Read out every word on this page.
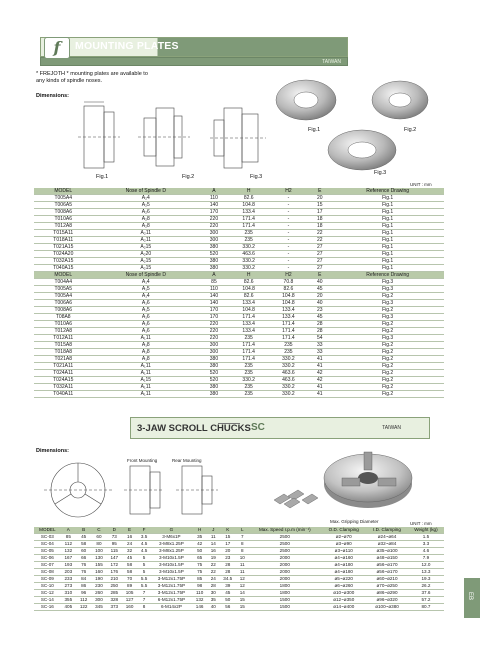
MOUNTING PLATES
TAIWAN
f
* FREJOTH * mounting plates are available to
any kinds of spindle noses.
Dimensions:
Fig.1	Fig.2	Fig.3
Fig.1	Fig.2
Fig.3
UNIT : mm
MODEL	Nose of Spindle D	A	H	H2	E	Reference Drawing
T005A4	A₂4	110	82.6	-	20	Fig.1
T006A5	A₂5	140	104.8	-	15	Fig.1
T008A6	A₂6	170	133.4	-	17	Fig.1
T010A6	A₂8	220	171.4	-	18	Fig.1
T012A8	A₂8	220	171.4	-	18	Fig.1
T015A11	A₂11	300	235	-	22	Fig.1
T018A11	A₂11	300	235	-	22	Fig.1
T021A15	A₂15	380	330.2	-	27	Fig.1
T024A20	A₂20	520	463.6	-	27	Fig.1
T032A15	A₂15	380	330.2	-	27	Fig.1
T040A15	A₂15	380	330.2	-	27	Fig.1
MODEL	Nose of Spindle D	A	H	H2	E	Reference Drawing
T004A4	A₁4	85	82.6	70.8	40	Fig.3
T005A5	A₁5	110	104.8	82.6	45	Fig.3
T005A4	A₁4	140	82.6	104.8	20	Fig.2
T006A6	A₁6	140	133.4	104.8	40	Fig.3
T008A6	A₁5	170	104.8	133.4	23	Fig.2
T08A8	A₁6	170	171.4	133.4	45	Fig.3
T010A6	A₁6	220	133.4	171.4	28	Fig.2
T012A8	A₁6	220	133.4	171.4	28	Fig.2
T012A11	A₁11	220	235	171.4	54	Fig.3
T015A8	A₁8	300	171.4	235	33	Fig.2
T018A8	A₁8	300	171.4	235	33	Fig.2
T021A8	A₁8	380	171.4	330.2	41	Fig.2
T021A11	A₁11	380	235	330.2	41	Fig.2
T024A11	A₁11	520	235	463.6	42	Fig.2
T024A15	A₁15	520	330.2	463.6	42	Fig.2
T032A11	A₁11	380	235	330.2	41	Fig.2
T040A11	A₁11	380	235	330.2	41	Fig.2
3-JAW SCROLL CHUCKS SC	TAIWAN
Dimensions:
Front Mounting	Rear Mounting
UNIT : mm
MODEL	A	B	C	D	E	F	G	H	J	K	L	Max. Speed r.p.m (min⁻¹)	O.D. Clamping	I.D. Clamping	Weight (kg)
SC-03	85	45	60	73	16	3.5	3-M6x1P	35	11	15	7	2500	ø2~ø70	ø24~ø64	1.5
SC-04	112	58	80	95	24	4.5	3-M8x1.25P	42	14	17	8	2500	ø3~ø90	ø32~ø84	3.3
SC-05	132	60	100	115	32	4.5	3-M8x1.25P	50	16	20	8	2500	ø3~ø110	ø35~ø100	4.6
SC-06	167	66	130	147	45	5	3-M10x1.5P	65	19	23	10	2000	ø4~ø160	ø48~ø150	7.9
SC-07	193	76	155	172	58	5	3-M10x1.5P	75	22	28	11	2000	ø4~ø180	ø56~ø170	12.0
SC-08	203	76	160	176	58	5	3-M10x1.5P	75	22	28	11	2000	ø4~ø180	ø56~ø170	13.3
SC-09	233	84	190	210	70	5.5	3-M12x1.75P	85	24	34.5	12	2000	ø5~ø220	ø60~ø210	19.3
SC-10	273	86	230	250	89	5.5	3-M12x1.75P	98	28	39	12	1800	ø6~ø260	ø70~ø250	26.2
SC-12	310	96	260	285	105	7	3-M12x1.75P	110	30	45	14	1800	ø10~ø300	ø86~ø290	37.6
SC-14	355	112	300	328	127	7	6-M12x1.75P	132	35	50	15	1500	ø12~ø350	ø96~ø320	57.2
SC-16	405	122	345	373	160	8	6-M14x2P	146	40	56	15	1500	ø14~ø400	ø100~ø380	80.7
ЕВ
Max. Gripping Diameter
